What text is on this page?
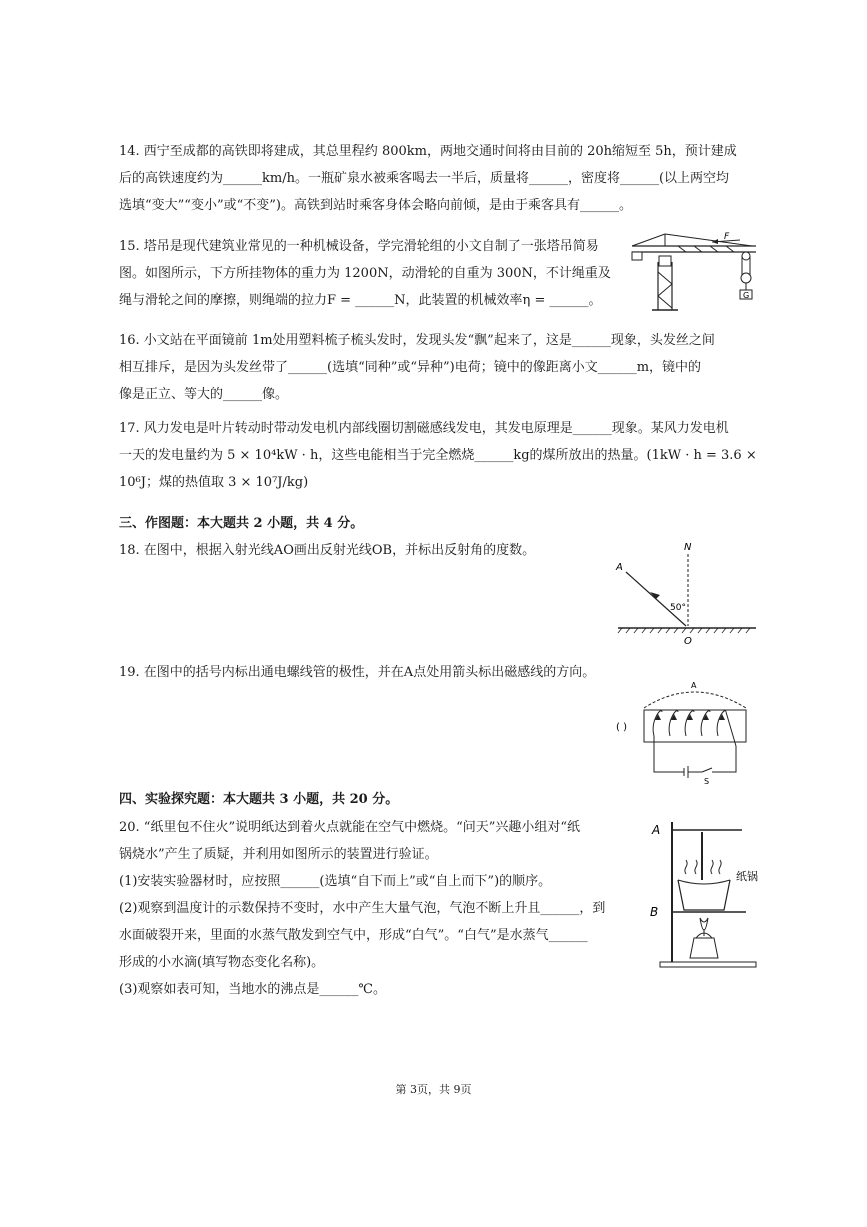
14. 西宁至成都的高铁即将建成，其总里程约 800km，两地交通时间将由目前的 20h缩短至 5h，预计建成
后的高铁速度约为______km/h。一瓶矿泉水被乘客喝去一半后，质量将______，密度将______(以上两空均
选填“变大”“变小”或“不变”)。高铁到站时乘客身体会略向前倾，是由于乘客具有______。
15. 塔吊是现代建筑业常见的一种机械设备，学完滑轮组的小文自制了一张塔吊简易
图。如图所示，下方所挂物体的重力为 1200N，动滑轮的自重为 300N，不计绳重及
绳与滑轮之间的摩擦，则绳端的拉力F = ______N，此装置的机械效率η = ______。
F
G
16. 小文站在平面镜前 1m处用塑料梳子梳头发时，发现头发“飘”起来了，这是______现象，头发丝之间
相互排斥，是因为头发丝带了______(选填“同种”或“异种”)电荷；镜中的像距离小文______m，镜中的
像是正立、等大的______像。
17. 风力发电是叶片转动时带动发电机内部线圈切割磁感线发电，其发电原理是______现象。某风力发电机
一天的发电量约为 5 × 10⁴kW · h，这些电能相当于完全燃烧______kg的煤所放出的热量。(1kW · h = 3.6 ×
10⁶J；煤的热值取 3 × 10⁷J/kg)
三、作图题：本大题共 2 小题，共 4 分。
18. 在图中，根据入射光线AO画出反射光线OB，并标出反射角的度数。	N
A
50°
O
19. 在图中的括号内标出通电螺线管的极性，并在A点处用箭头标出磁感线的方向。
A
( )
S
四、实验探究题：本大题共 3 小题，共 20 分。
20. “纸里包不住火”说明纸达到着火点就能在空气中燃烧。“问天”兴趣小组对“纸
锅烧水”产生了质疑，并利用如图所示的装置进行验证。
(1)安装实验器材时，应按照______(选填“自下而上”或“自上而下”)的顺序。
(2)观察到温度计的示数保持不变时，水中产生大量气泡，气泡不断上升且______，到
水面破裂开来，里面的水蒸气散发到空气中，形成“白气”。“白气”是水蒸气______
形成的小水滴(填写物态变化名称)。
(3)观察如表可知，当地水的沸点是______℃。
A
B
纸锅
第 3页，共 9页
